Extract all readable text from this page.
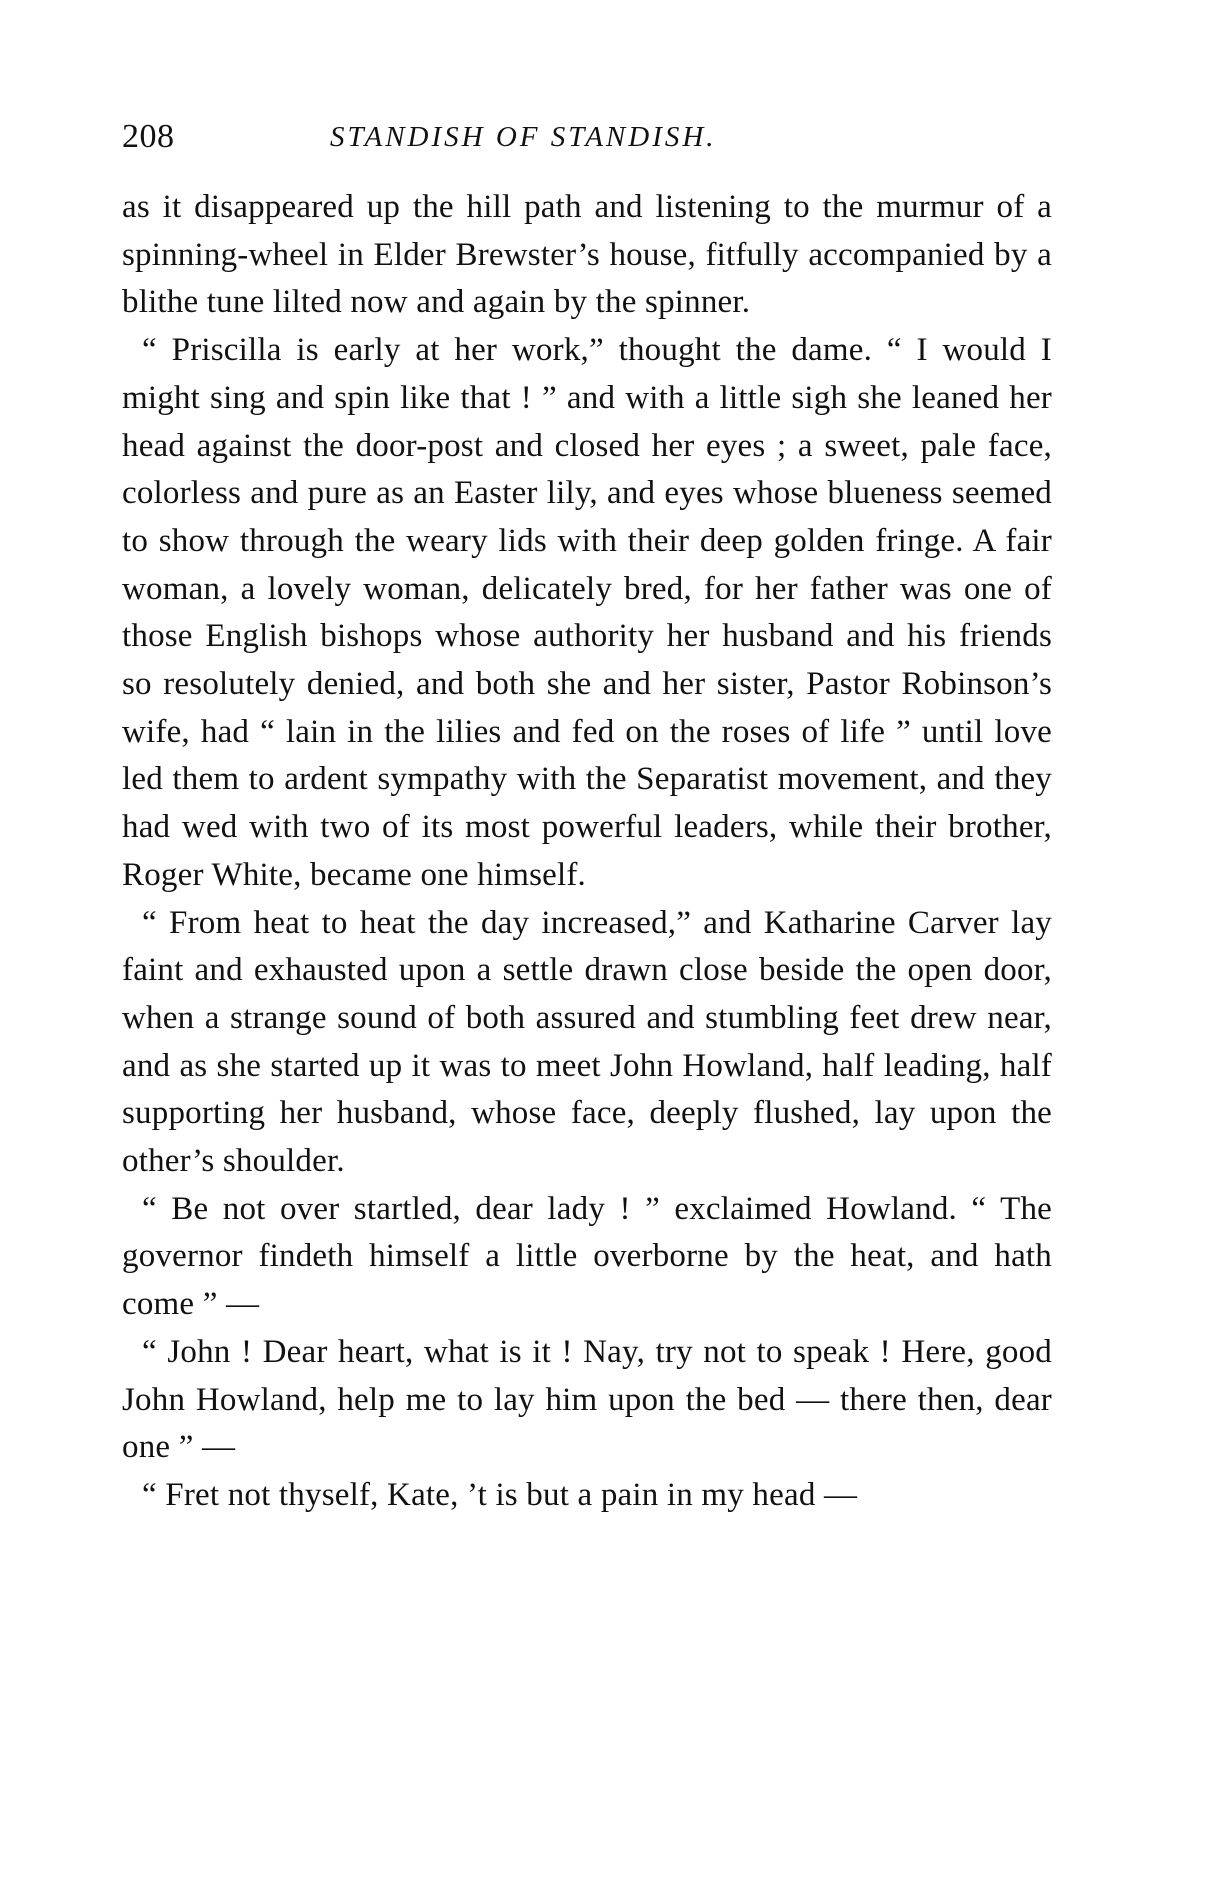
208	STANDISH OF STANDISH.

as it disappeared up the hill path and listening to the murmur of a spinning-wheel in Elder Brewster’s house, fitfully accompanied by a blithe tune lilted now and again by the spinner.

“ Priscilla is early at her work,” thought the dame. “ I would I might sing and spin like that ! ” and with a little sigh she leaned her head against the door-post and closed her eyes ; a sweet, pale face, colorless and pure as an Easter lily, and eyes whose blueness seemed to show through the weary lids with their deep golden fringe. A fair woman, a lovely woman, delicately bred, for her father was one of those English bishops whose authority her husband and his friends so resolutely denied, and both she and her sister, Pastor Robinson’s wife, had “ lain in the lilies and fed on the roses of life ” until love led them to ardent sympathy with the Separatist movement, and they had wed with two of its most powerful leaders, while their brother, Roger White, became one himself.

“ From heat to heat the day increased,” and Katharine Carver lay faint and exhausted upon a settle drawn close beside the open door, when a strange sound of both assured and stumbling feet drew near, and as she started up it was to meet John Howland, half leading, half supporting her husband, whose face, deeply flushed, lay upon the other’s shoulder.

“ Be not over startled, dear lady ! ” exclaimed Howland. “ The governor findeth himself a little overborne by the heat, and hath come ” —

“ John ! Dear heart, what is it ! Nay, try not to speak ! Here, good John Howland, help me to lay him upon the bed — there then, dear one ” —

“ Fret not thyself, Kate, ’t is but a pain in my head —
